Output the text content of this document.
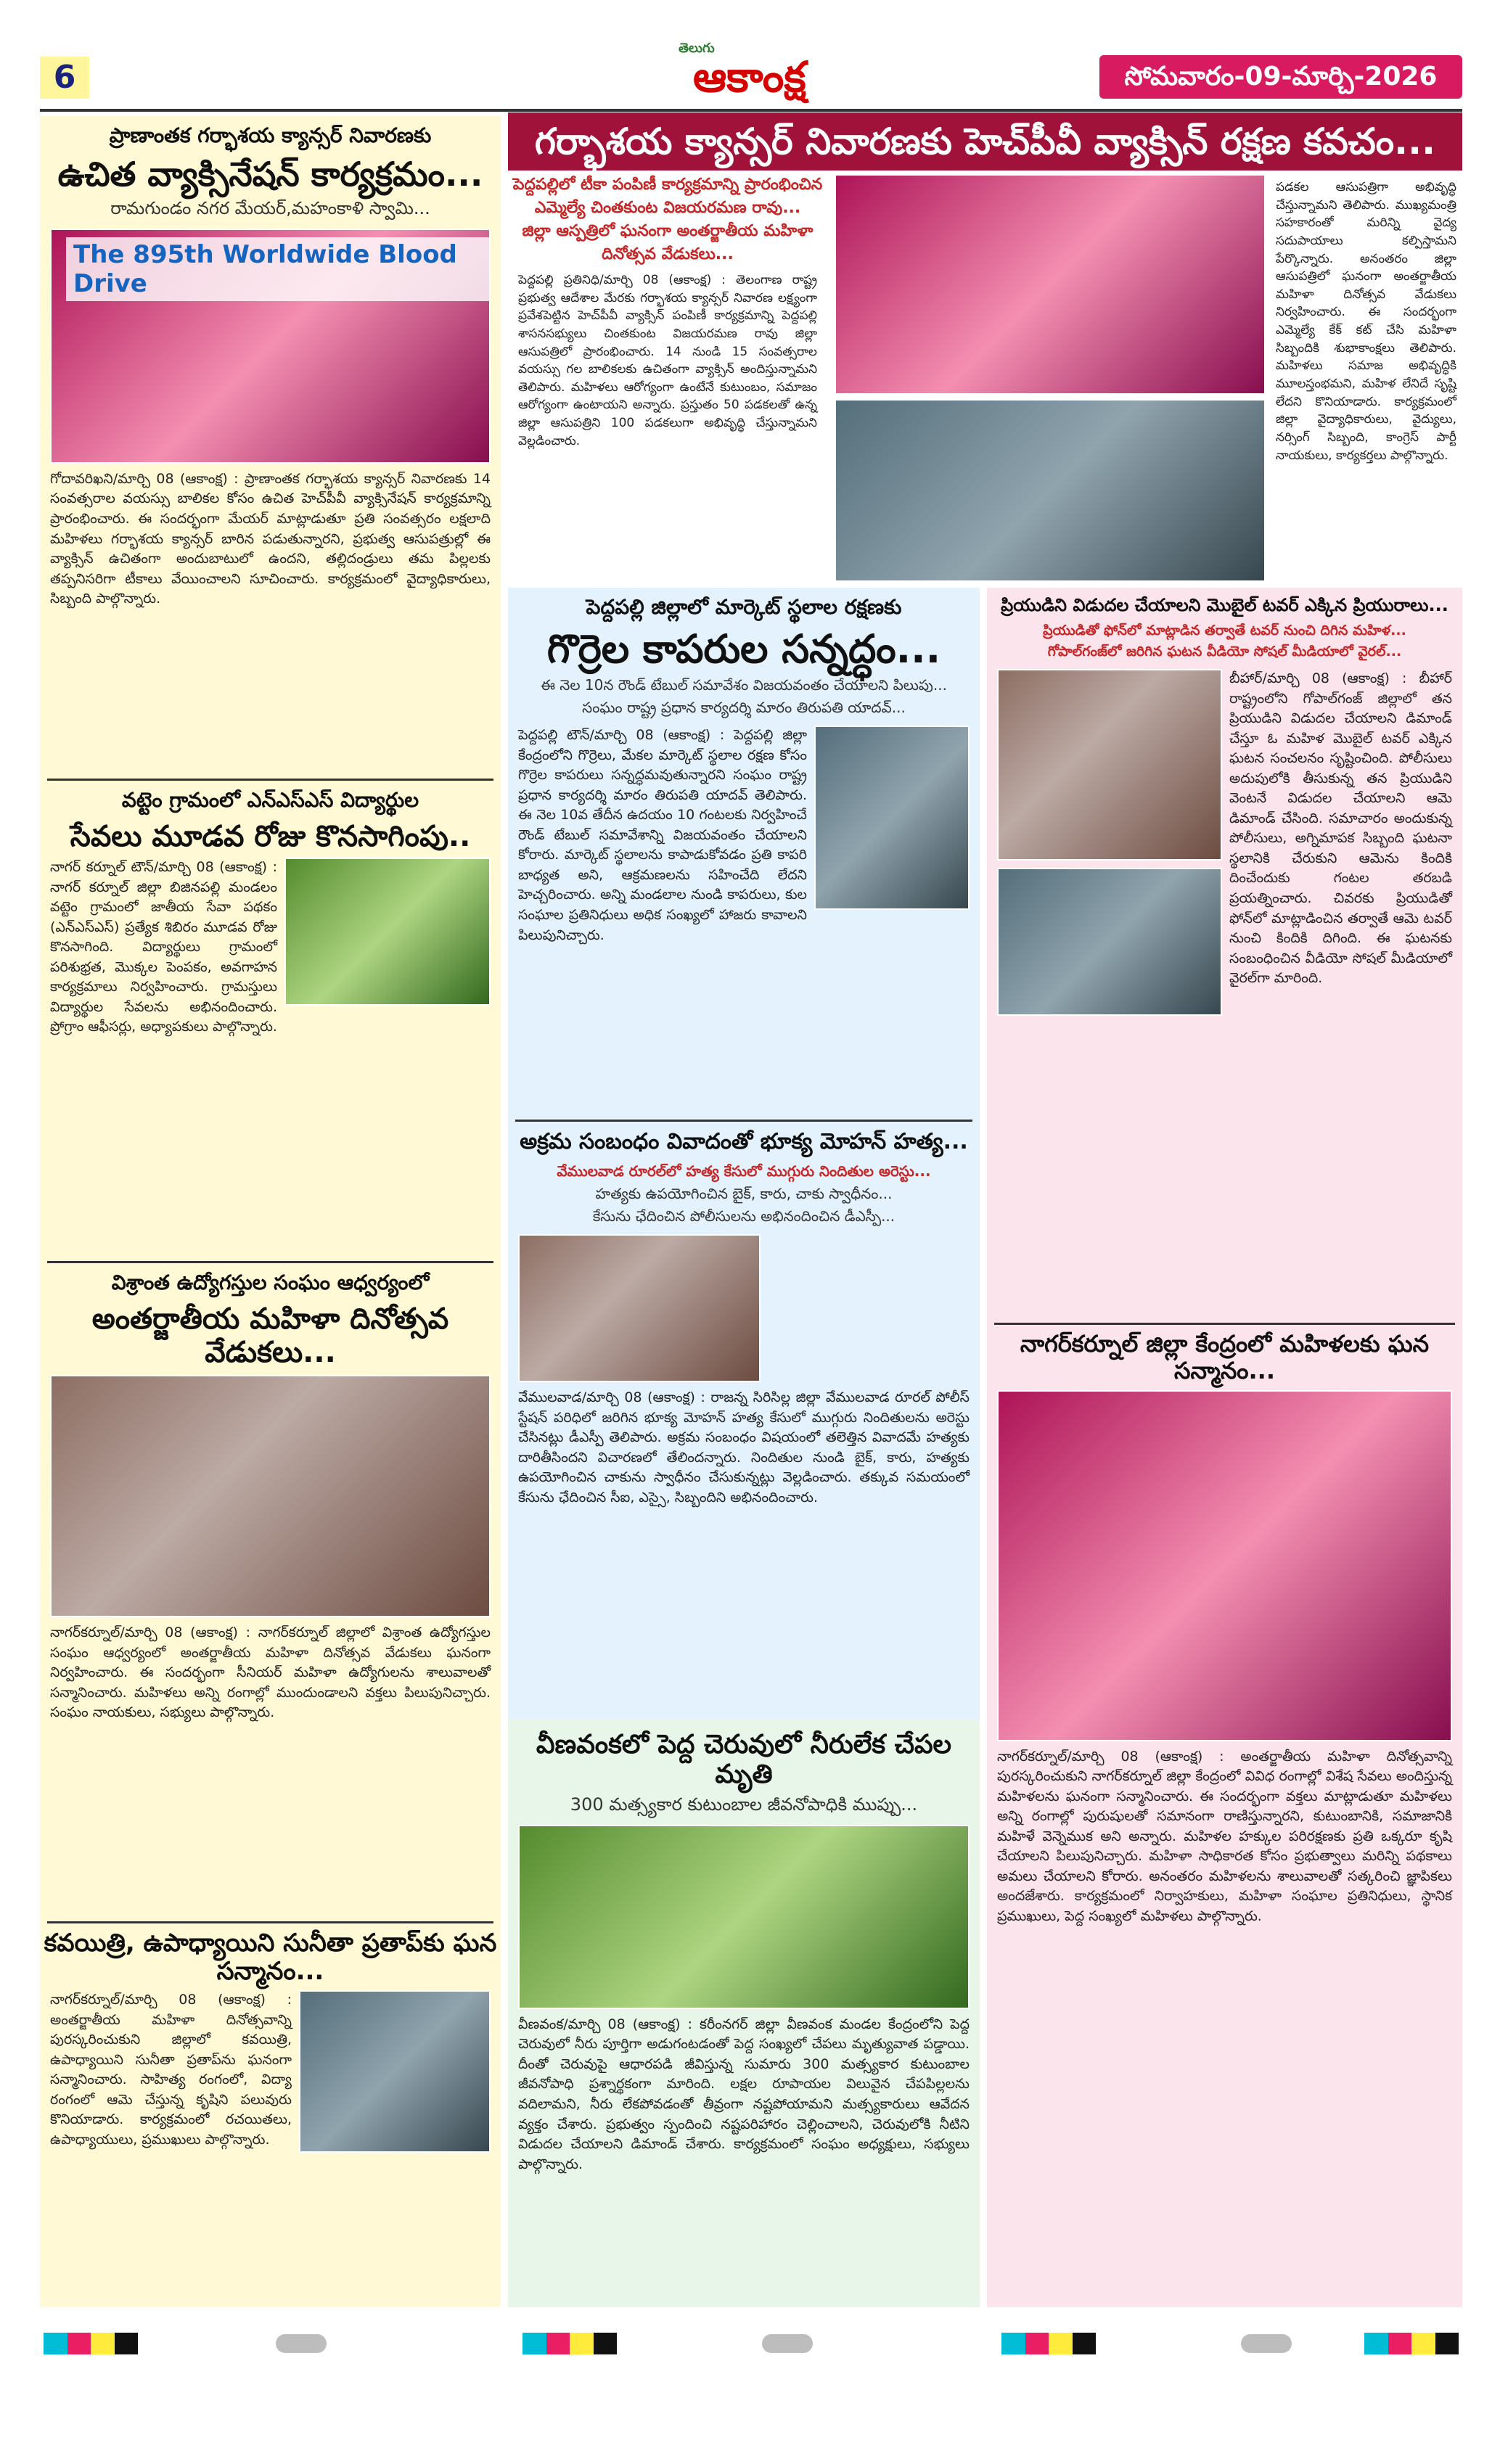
6
తెలుగు
ఆకాంక్ష	సోమవారం-09-మార్చి-2026
ప్రాణాంతక గర్భాశయ క్యాన్సర్ నివారణకు
ఉచిత వ్యాక్సినేషన్ కార్యక్రమం...
రామగుండం నగర మేయర్,మహంకాళి స్వామి...
The 895th Worldwide Blood Drive
గోదావరిఖని/మార్చి 08 (ఆకాంక్ష) : ప్రాణాంతక గర్భాశయ క్యాన్సర్ నివారణకు 14 సంవత్సరాల వయస్సు బాలికల కోసం ఉచిత హెచ్‌పీవీ వ్యాక్సినేషన్ కార్యక్రమాన్ని ప్రారంభించారు. ఈ సందర్భంగా మేయర్ మాట్లాడుతూ ప్రతి సంవత్సరం లక్షలాది మహిళలు గర్భాశయ క్యాన్సర్ బారిన పడుతున్నారని, ప్రభుత్వ ఆసుపత్రుల్లో ఈ వ్యాక్సిన్ ఉచితంగా అందుబాటులో ఉందని, తల్లిదండ్రులు తమ పిల్లలకు తప్పనిసరిగా టీకాలు వేయించాలని సూచించారు. కార్యక్రమంలో వైద్యాధికారులు, సిబ్బంది పాల్గొన్నారు.
వట్టెం గ్రామంలో ఎన్ఎస్ఎస్ విద్యార్థుల
సేవలు మూడవ రోజు కొనసాగింపు..
నాగర్ కర్నూల్ టౌన్/మార్చి 08 (ఆకాంక్ష) : నాగర్ కర్నూల్ జిల్లా బిజినపల్లి మండలం వట్టెం గ్రామంలో జాతీయ సేవా పథకం (ఎన్ఎస్ఎస్) ప్రత్యేక శిబిరం మూడవ రోజు కొనసాగింది. విద్యార్థులు గ్రామంలో పరిశుభ్రత, మొక్కల పెంపకం, అవగాహన కార్యక్రమాలు నిర్వహించారు. గ్రామస్తులు విద్యార్థుల సేవలను అభినందించారు. ప్రోగ్రాం ఆఫీసర్లు, అధ్యాపకులు పాల్గొన్నారు.
విశ్రాంత ఉద్యోగస్తుల సంఘం ఆధ్వర్యంలో
అంతర్జాతీయ మహిళా దినోత్సవ వేడుకలు...
నాగర్‌కర్నూల్/మార్చి 08 (ఆకాంక్ష) : నాగర్‌కర్నూల్ జిల్లాలో విశ్రాంత ఉద్యోగస్తుల సంఘం ఆధ్వర్యంలో అంతర్జాతీయ మహిళా దినోత్సవ వేడుకలు ఘనంగా నిర్వహించారు. ఈ సందర్భంగా సీనియర్ మహిళా ఉద్యోగులను శాలువాలతో సన్మానించారు. మహిళలు అన్ని రంగాల్లో ముందుండాలని వక్తలు పిలుపునిచ్చారు. సంఘం నాయకులు, సభ్యులు పాల్గొన్నారు.
కవయిత్రి, ఉపాధ్యాయిని సునీతా ప్రతాప్‌కు ఘన సన్మానం...
నాగర్‌కర్నూల్/మార్చి 08 (ఆకాంక్ష) : అంతర్జాతీయ మహిళా దినోత్సవాన్ని పురస్కరించుకుని జిల్లాలో కవయిత్రి, ఉపాధ్యాయిని సునీతా ప్రతాప్‌ను ఘనంగా సన్మానించారు. సాహిత్య రంగంలో, విద్యా రంగంలో ఆమె చేస్తున్న కృషిని పలువురు కొనియాడారు. కార్యక్రమంలో రచయితలు, ఉపాధ్యాయులు, ప్రముఖులు పాల్గొన్నారు.
గర్భాశయ క్యాన్సర్ నివారణకు హెచ్‌పీవీ వ్యాక్సిన్ రక్షణ కవచం...
పెద్దపల్లిలో టీకా పంపిణీ కార్యక్రమాన్ని ప్రారంభించిన
ఎమ్మెల్యే చింతకుంట విజయరమణ రావు...
జిల్లా ఆస్పత్రిలో ఘనంగా అంతర్జాతీయ మహిళా
దినోత్సవ వేడుకలు...
పెద్దపల్లి ప్రతినిధి/మార్చి 08 (ఆకాంక్ష) : తెలంగాణ రాష్ట్ర ప్రభుత్వ ఆదేశాల మేరకు గర్భాశయ క్యాన్సర్ నివారణ లక్ష్యంగా ప్రవేశపెట్టిన హెచ్‌పీవీ వ్యాక్సిన్ పంపిణీ కార్యక్రమాన్ని పెద్దపల్లి శాసనసభ్యులు చింతకుంట విజయరమణ రావు జిల్లా ఆసుపత్రిలో ప్రారంభించారు. 14 నుండి 15 సంవత్సరాల వయస్సు గల బాలికలకు ఉచితంగా వ్యాక్సిన్ అందిస్తున్నామని తెలిపారు. మహిళలు ఆరోగ్యంగా ఉంటేనే కుటుంబం, సమాజం ఆరోగ్యంగా ఉంటాయని అన్నారు. ప్రస్తుతం 50 పడకలతో ఉన్న జిల్లా ఆసుపత్రిని 100 పడకలుగా అభివృద్ధి చేస్తున్నామని వెల్లడించారు.
పడకల ఆసుపత్రిగా అభివృద్ధి చేస్తున్నామని తెలిపారు. ముఖ్యమంత్రి సహకారంతో మరిన్ని వైద్య సదుపాయాలు కల్పిస్తామని పేర్కొన్నారు. అనంతరం జిల్లా ఆసుపత్రిలో ఘనంగా అంతర్జాతీయ మహిళా దినోత్సవ వేడుకలు నిర్వహించారు. ఈ సందర్భంగా ఎమ్మెల్యే కేక్ కట్ చేసి మహిళా సిబ్బందికి శుభాకాంక్షలు తెలిపారు. మహిళలు సమాజ అభివృద్ధికి మూలస్తంభమని, మహిళ లేనిదే సృష్టి లేదని కొనియాడారు. కార్యక్రమంలో జిల్లా వైద్యాధికారులు, వైద్యులు, నర్సింగ్ సిబ్బంది, కాంగ్రెస్ పార్టీ నాయకులు, కార్యకర్తలు పాల్గొన్నారు.
పెద్దపల్లి జిల్లాలో మార్కెట్ స్థలాల రక్షణకు
గొర్రెల కాపరుల సన్నద్ధం...
ఈ నెల 10న రౌండ్ టేబుల్ సమావేశం విజయవంతం చేయాలని పిలుపు...
సంఘం రాష్ట్ర ప్రధాన కార్యదర్శి మారం తిరుపతి యాదవ్...
పెద్దపల్లి టౌన్/మార్చి 08 (ఆకాంక్ష) : పెద్దపల్లి జిల్లా కేంద్రంలోని గొర్రెలు, మేకల మార్కెట్ స్థలాల రక్షణ కోసం గొర్రెల కాపరులు సన్నద్ధమవుతున్నారని సంఘం రాష్ట్ర ప్రధాన కార్యదర్శి మారం తిరుపతి యాదవ్ తెలిపారు. ఈ నెల 10వ తేదీన ఉదయం 10 గంటలకు నిర్వహించే రౌండ్ టేబుల్ సమావేశాన్ని విజయవంతం చేయాలని కోరారు. మార్కెట్ స్థలాలను కాపాడుకోవడం ప్రతి కాపరి బాధ్యత అని, ఆక్రమణలను సహించేది లేదని హెచ్చరించారు. అన్ని మండలాల నుండి కాపరులు, కుల సంఘాల ప్రతినిధులు అధిక సంఖ్యలో హాజరు కావాలని పిలుపునిచ్చారు.
అక్రమ సంబంధం వివాదంతో భూక్య మోహన్ హత్య...
వేములవాడ రూరల్‌లో హత్య కేసులో ముగ్గురు నిందితుల అరెస్టు...
హత్యకు ఉపయోగించిన బైక్, కారు, చాకు స్వాధీనం...
కేసును ఛేదించిన పోలీసులను అభినందించిన డీఎస్పీ...
వేములవాడ/మార్చి 08 (ఆకాంక్ష) : రాజన్న సిరిసిల్ల జిల్లా వేములవాడ రూరల్ పోలీస్ స్టేషన్ పరిధిలో జరిగిన భూక్య మోహన్ హత్య కేసులో ముగ్గురు నిందితులను అరెస్టు చేసినట్లు డీఎస్పీ తెలిపారు. అక్రమ సంబంధం విషయంలో తలెత్తిన వివాదమే హత్యకు దారితీసిందని విచారణలో తేలిందన్నారు. నిందితుల నుండి బైక్, కారు, హత్యకు ఉపయోగించిన చాకును స్వాధీనం చేసుకున్నట్లు వెల్లడించారు. తక్కువ సమయంలో కేసును ఛేదించిన సీఐ, ఎస్సై, సిబ్బందిని అభినందించారు.
వీణవంకలో పెద్ద చెరువులో నీరులేక చేపల మృతి
300 మత్స్యకార కుటుంబాల జీవనోపాధికి ముప్పు...
వీణవంక/మార్చి 08 (ఆకాంక్ష) : కరీంనగర్ జిల్లా వీణవంక మండల కేంద్రంలోని పెద్ద చెరువులో నీరు పూర్తిగా అడుగంటడంతో పెద్ద సంఖ్యలో చేపలు మృత్యువాత పడ్డాయి. దీంతో చెరువుపై ఆధారపడి జీవిస్తున్న సుమారు 300 మత్స్యకార కుటుంబాల జీవనోపాధి ప్రశ్నార్థకంగా మారింది. లక్షల రూపాయల విలువైన చేపపిల్లలను వదిలామని, నీరు లేకపోవడంతో తీవ్రంగా నష్టపోయామని మత్స్యకారులు ఆవేదన వ్యక్తం చేశారు. ప్రభుత్వం స్పందించి నష్టపరిహారం చెల్లించాలని, చెరువులోకి నీటిని విడుదల చేయాలని డిమాండ్ చేశారు. కార్యక్రమంలో సంఘం అధ్యక్షులు, సభ్యులు పాల్గొన్నారు.
ప్రియుడిని విడుదల చేయాలని మొబైల్ టవర్ ఎక్కిన ప్రియురాలు...
ప్రియుడితో ఫోన్‌లో మాట్లాడిన తర్వాతే టవర్ నుంచి దిగిన మహిళ...
గోపాల్‌గంజ్‌లో జరిగిన ఘటన వీడియో సోషల్ మీడియాలో వైరల్...
బీహార్/మార్చి 08 (ఆకాంక్ష) : బీహార్ రాష్ట్రంలోని గోపాల్‌గంజ్ జిల్లాలో తన ప్రియుడిని విడుదల చేయాలని డిమాండ్ చేస్తూ ఓ మహిళ మొబైల్ టవర్ ఎక్కిన ఘటన సంచలనం సృష్టించింది. పోలీసులు అదుపులోకి తీసుకున్న తన ప్రియుడిని వెంటనే విడుదల చేయాలని ఆమె డిమాండ్ చేసింది. సమాచారం అందుకున్న పోలీసులు, అగ్నిమాపక సిబ్బంది ఘటనా స్థలానికి చేరుకుని ఆమెను కిందికి దించేందుకు గంటల తరబడి ప్రయత్నించారు. చివరకు ప్రియుడితో ఫోన్‌లో మాట్లాడించిన తర్వాతే ఆమె టవర్ నుంచి కిందికి దిగింది. ఈ ఘటనకు సంబంధించిన వీడియో సోషల్ మీడియాలో వైరల్‌గా మారింది.
నాగర్‌కర్నూల్ జిల్లా కేంద్రంలో మహిళలకు ఘన సన్మానం...
నాగర్‌కర్నూల్/మార్చి 08 (ఆకాంక్ష) : అంతర్జాతీయ మహిళా దినోత్సవాన్ని పురస్కరించుకుని నాగర్‌కర్నూల్ జిల్లా కేంద్రంలో వివిధ రంగాల్లో విశేష సేవలు అందిస్తున్న మహిళలను ఘనంగా సన్మానించారు. ఈ సందర్భంగా వక్తలు మాట్లాడుతూ మహిళలు అన్ని రంగాల్లో పురుషులతో సమానంగా రాణిస్తున్నారని, కుటుంబానికి, సమాజానికి మహిళే వెన్నెముక అని అన్నారు. మహిళల హక్కుల పరిరక్షణకు ప్రతి ఒక్కరూ కృషి చేయాలని పిలుపునిచ్చారు. మహిళా సాధికారత కోసం ప్రభుత్వాలు మరిన్ని పథకాలు అమలు చేయాలని కోరారు. అనంతరం మహిళలను శాలువాలతో సత్కరించి జ్ఞాపికలు అందజేశారు. కార్యక్రమంలో నిర్వాహకులు, మహిళా సంఘాల ప్రతినిధులు, స్థానిక ప్రముఖులు, పెద్ద సంఖ్యలో మహిళలు పాల్గొన్నారు.
